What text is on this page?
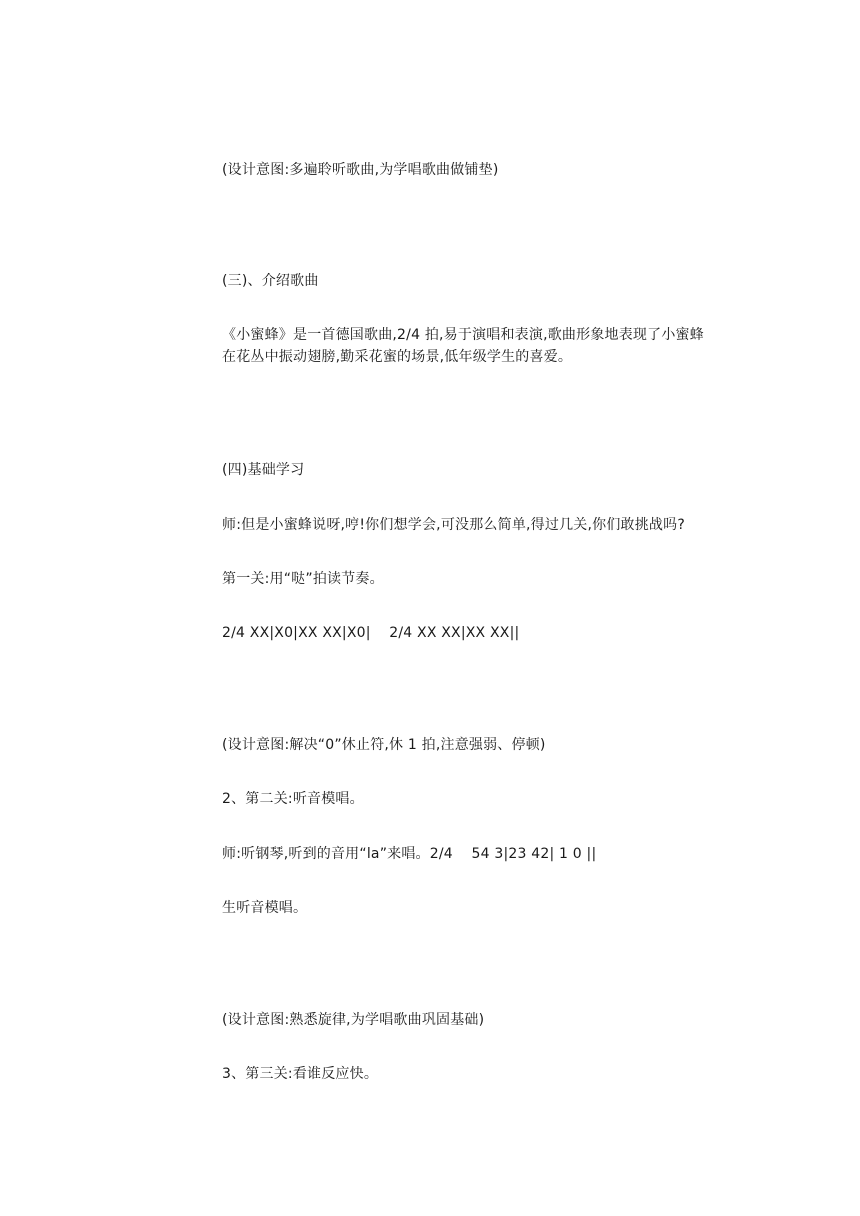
(设计意图:多遍聆听歌曲,为学唱歌曲做铺垫)
(三)、介绍歌曲
《小蜜蜂》是一首德国歌曲,2/4 拍,易于演唱和表演,歌曲形象地表现了小蜜蜂
在花丛中振动翅膀,勤采花蜜的场景,低年级学生的喜爱。
(四)基础学习
师:但是小蜜蜂说呀,哼!你们想学会,可没那么简单,得过几关,你们敢挑战吗?
第一关:用“哒”拍读节奏。
2/4 XX|X0|XX XX|X0|    2/4 XX XX|XX XX||
(设计意图:解决“0”休止符,休 1 拍,注意强弱、停顿)
2、第二关:听音模唱。
师:听钢琴,听到的音用“la”来唱。2/4    54 3|23 42| 1 0 ||
生听音模唱。
(设计意图:熟悉旋律,为学唱歌曲巩固基础)
3、第三关:看谁反应快。
